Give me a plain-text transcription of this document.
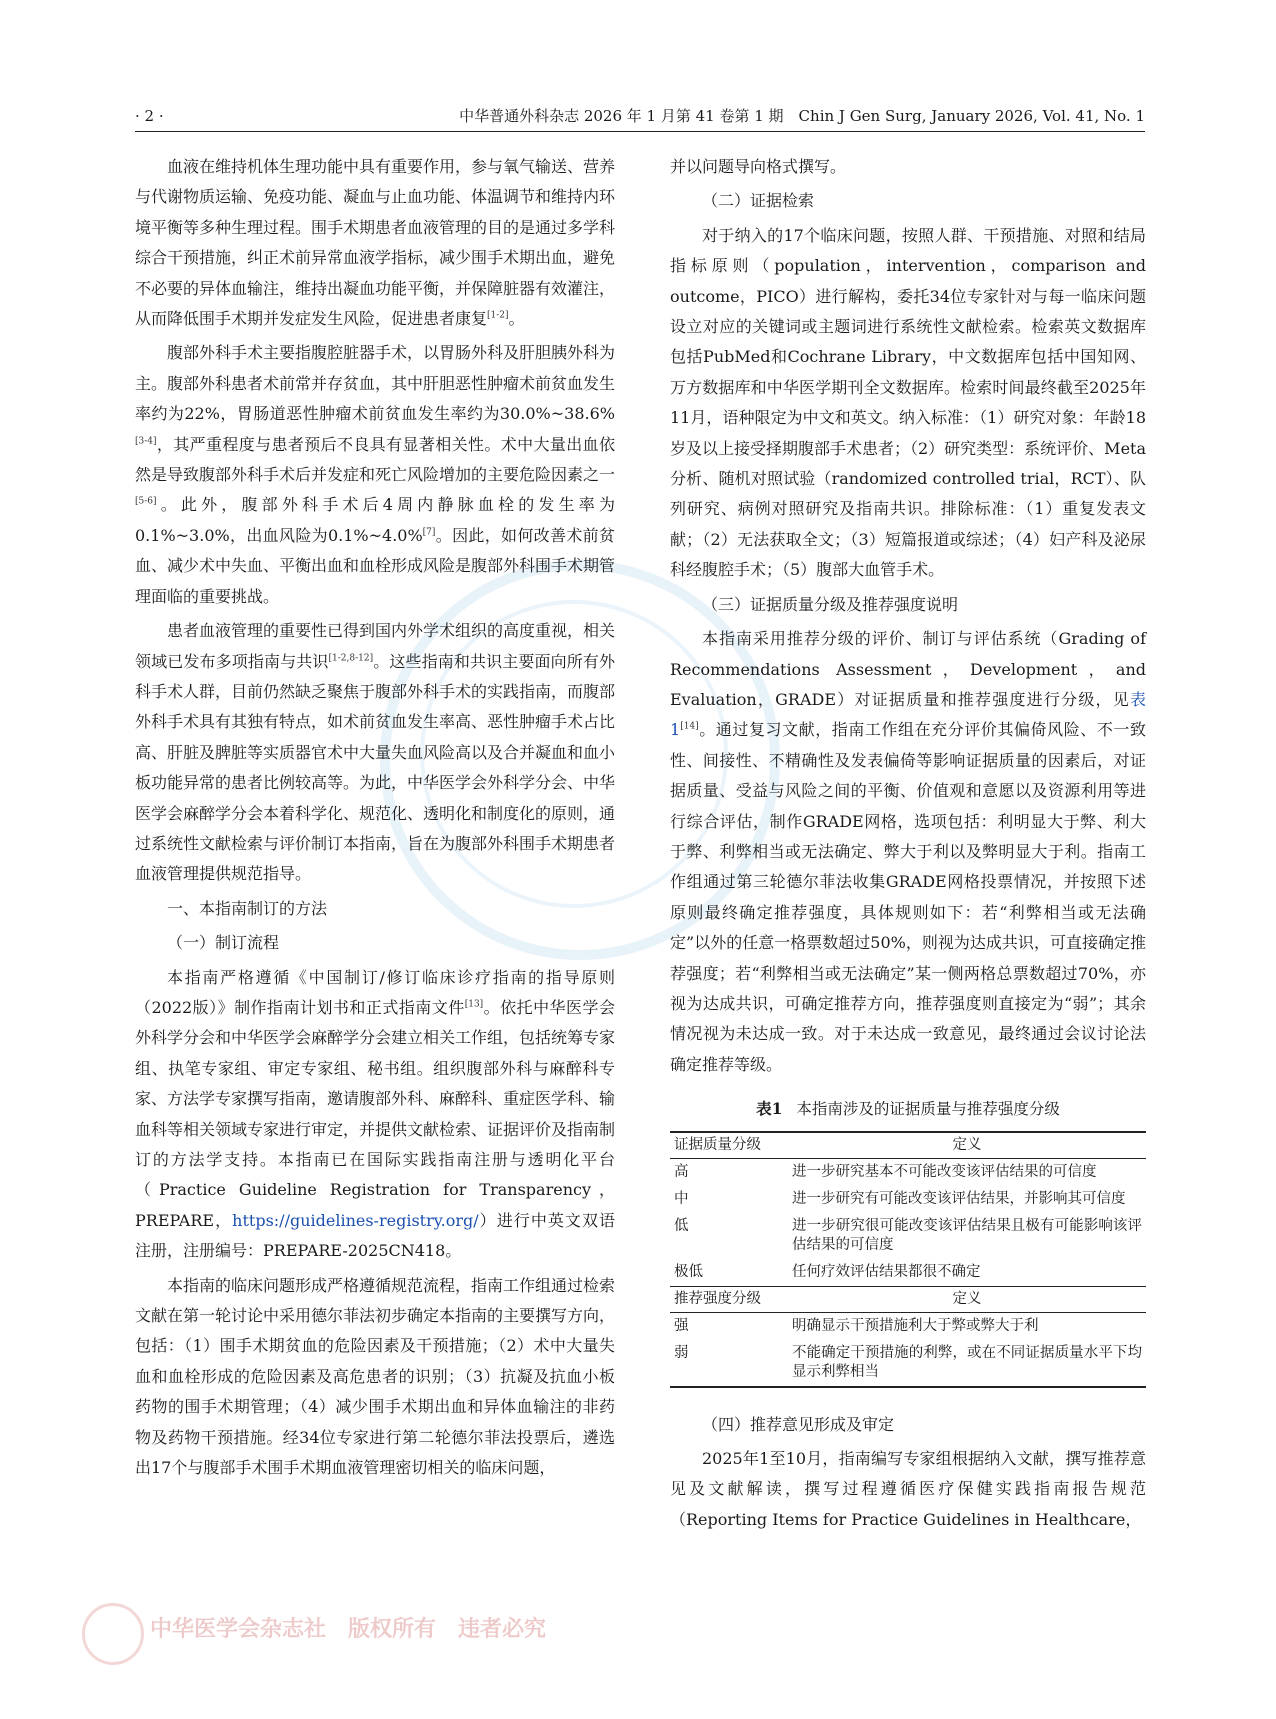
· 2 ·	中华普通外科杂志 2026 年 1 月第 41 卷第 1 期　Chin J Gen Surg, January 2026, Vol. 41, No. 1

血液在维持机体生理功能中具有重要作用，参与氧气输送、营养与代谢物质运输、免疫功能、凝血与止血功能、体温调节和维持内环境平衡等多种生理过程。围手术期患者血液管理的目的是通过多学科综合干预措施，纠正术前异常血液学指标，减少围手术期出血，避免不必要的异体血输注，维持出凝血功能平衡，并保障脏器有效灌注，从而降低围手术期并发症发生风险，促进患者康复[1-2]。

腹部外科手术主要指腹腔脏器手术，以胃肠外科及肝胆胰外科为主。腹部外科患者术前常并存贫血，其中肝胆恶性肿瘤术前贫血发生率约为22%，胃肠道恶性肿瘤术前贫血发生率约为30.0%~38.6%[3-4]，其严重程度与患者预后不良具有显著相关性。术中大量出血依然是导致腹部外科手术后并发症和死亡风险增加的主要危险因素之一[5-6]。此外，腹部外科手术后4周内静脉血栓的发生率为0.1%~3.0%，出血风险为0.1%~4.0%[7]。因此，如何改善术前贫血、减少术中失血、平衡出血和血栓形成风险是腹部外科围手术期管理面临的重要挑战。

患者血液管理的重要性已得到国内外学术组织的高度重视，相关领域已发布多项指南与共识[1-2,8-12]。这些指南和共识主要面向所有外科手术人群，目前仍然缺乏聚焦于腹部外科手术的实践指南，而腹部外科手术具有其独有特点，如术前贫血发生率高、恶性肿瘤手术占比高、肝脏及脾脏等实质器官术中大量失血风险高以及合并凝血和血小板功能异常的患者比例较高等。为此，中华医学会外科学分会、中华医学会麻醉学分会本着科学化、规范化、透明化和制度化的原则，通过系统性文献检索与评价制订本指南，旨在为腹部外科围手术期患者血液管理提供规范指导。

一、本指南制订的方法
（一）制订流程

本指南严格遵循《中国制订/修订临床诊疗指南的指导原则（2022版）》制作指南计划书和正式指南文件[13]。依托中华医学会外科学分会和中华医学会麻醉学分会建立相关工作组，包括统筹专家组、执笔专家组、审定专家组、秘书组。组织腹部外科与麻醉科专家、方法学专家撰写指南，邀请腹部外科、麻醉科、重症医学科、输血科等相关领域专家进行审定，并提供文献检索、证据评价及指南制订的方法学支持。本指南已在国际实践指南注册与透明化平台（Practice Guideline Registration for Transparency，PREPARE，https://guidelines-registry.org/）进行中英文双语注册，注册编号：PREPARE-2025CN418。

本指南的临床问题形成严格遵循规范流程，指南工作组通过检索文献在第一轮讨论中采用德尔菲法初步确定本指南的主要撰写方向，包括：（1）围手术期贫血的危险因素及干预措施；（2）术中大量失血和血栓形成的危险因素及高危患者的识别；（3）抗凝及抗血小板药物的围手术期管理；（4）减少围手术期出血和异体血输注的非药物及药物干预措施。经34位专家进行第二轮德尔菲法投票后，遴选出17个与腹部手术围手术期血液管理密切相关的临床问题，

并以问题导向格式撰写。

（二）证据检索

对于纳入的17个临床问题，按照人群、干预措施、对照和结局指标原则（population，intervention，comparison and outcome，PICO）进行解构，委托34位专家针对与每一临床问题设立对应的关键词或主题词进行系统性文献检索。检索英文数据库包括PubMed和Cochrane Library，中文数据库包括中国知网、万方数据库和中华医学期刊全文数据库。检索时间最终截至2025年11月，语种限定为中文和英文。纳入标准：（1）研究对象：年龄18岁及以上接受择期腹部手术患者；（2）研究类型：系统评价、Meta分析、随机对照试验（randomized controlled trial，RCT）、队列研究、病例对照研究及指南共识。排除标准：（1）重复发表文献；（2）无法获取全文；（3）短篇报道或综述；（4）妇产科及泌尿科经腹腔手术；（5）腹部大血管手术。

（三）证据质量分级及推荐强度说明

本指南采用推荐分级的评价、制订与评估系统（Grading of Recommendations Assessment，Development，and Evaluation，GRADE）对证据质量和推荐强度进行分级，见表1[14]。通过复习文献，指南工作组在充分评价其偏倚风险、不一致性、间接性、不精确性及发表偏倚等影响证据质量的因素后，对证据质量、受益与风险之间的平衡、价值观和意愿以及资源利用等进行综合评估，制作GRADE网格，选项包括：利明显大于弊、利大于弊、利弊相当或无法确定、弊大于利以及弊明显大于利。指南工作组通过第三轮德尔菲法收集GRADE网格投票情况，并按照下述原则最终确定推荐强度，具体规则如下：若“利弊相当或无法确定”以外的任意一格票数超过50%，则视为达成共识，可直接确定推荐强度；若“利弊相当或无法确定”某一侧两格总票数超过70%，亦视为达成共识，可确定推荐方向，推荐强度则直接定为“弱”；其余情况视为未达成一致。对于未达成一致意见，最终通过会议讨论法确定推荐等级。

表1 本指南涉及的证据质量与推荐强度分级
证据质量分级	定义
高	进一步研究基本不可能改变该评估结果的可信度
中	进一步研究有可能改变该评估结果，并影响其可信度
低	进一步研究很可能改变该评估结果且极有可能影响该评估结果的可信度
极低	任何疗效评估结果都很不确定
推荐强度分级	定义
强	明确显示干预措施利大于弊或弊大于利
弱	不能确定干预措施的利弊，或在不同证据质量水平下均显示利弊相当
（四）推荐意见形成及审定

2025年1至10月，指南编写专家组根据纳入文献，撰写推荐意见及文献解读，撰写过程遵循医疗保健实践指南报告规范（Reporting Items for Practice Guidelines in Healthcare，

中华医学会杂志社　版权所有　违者必究
